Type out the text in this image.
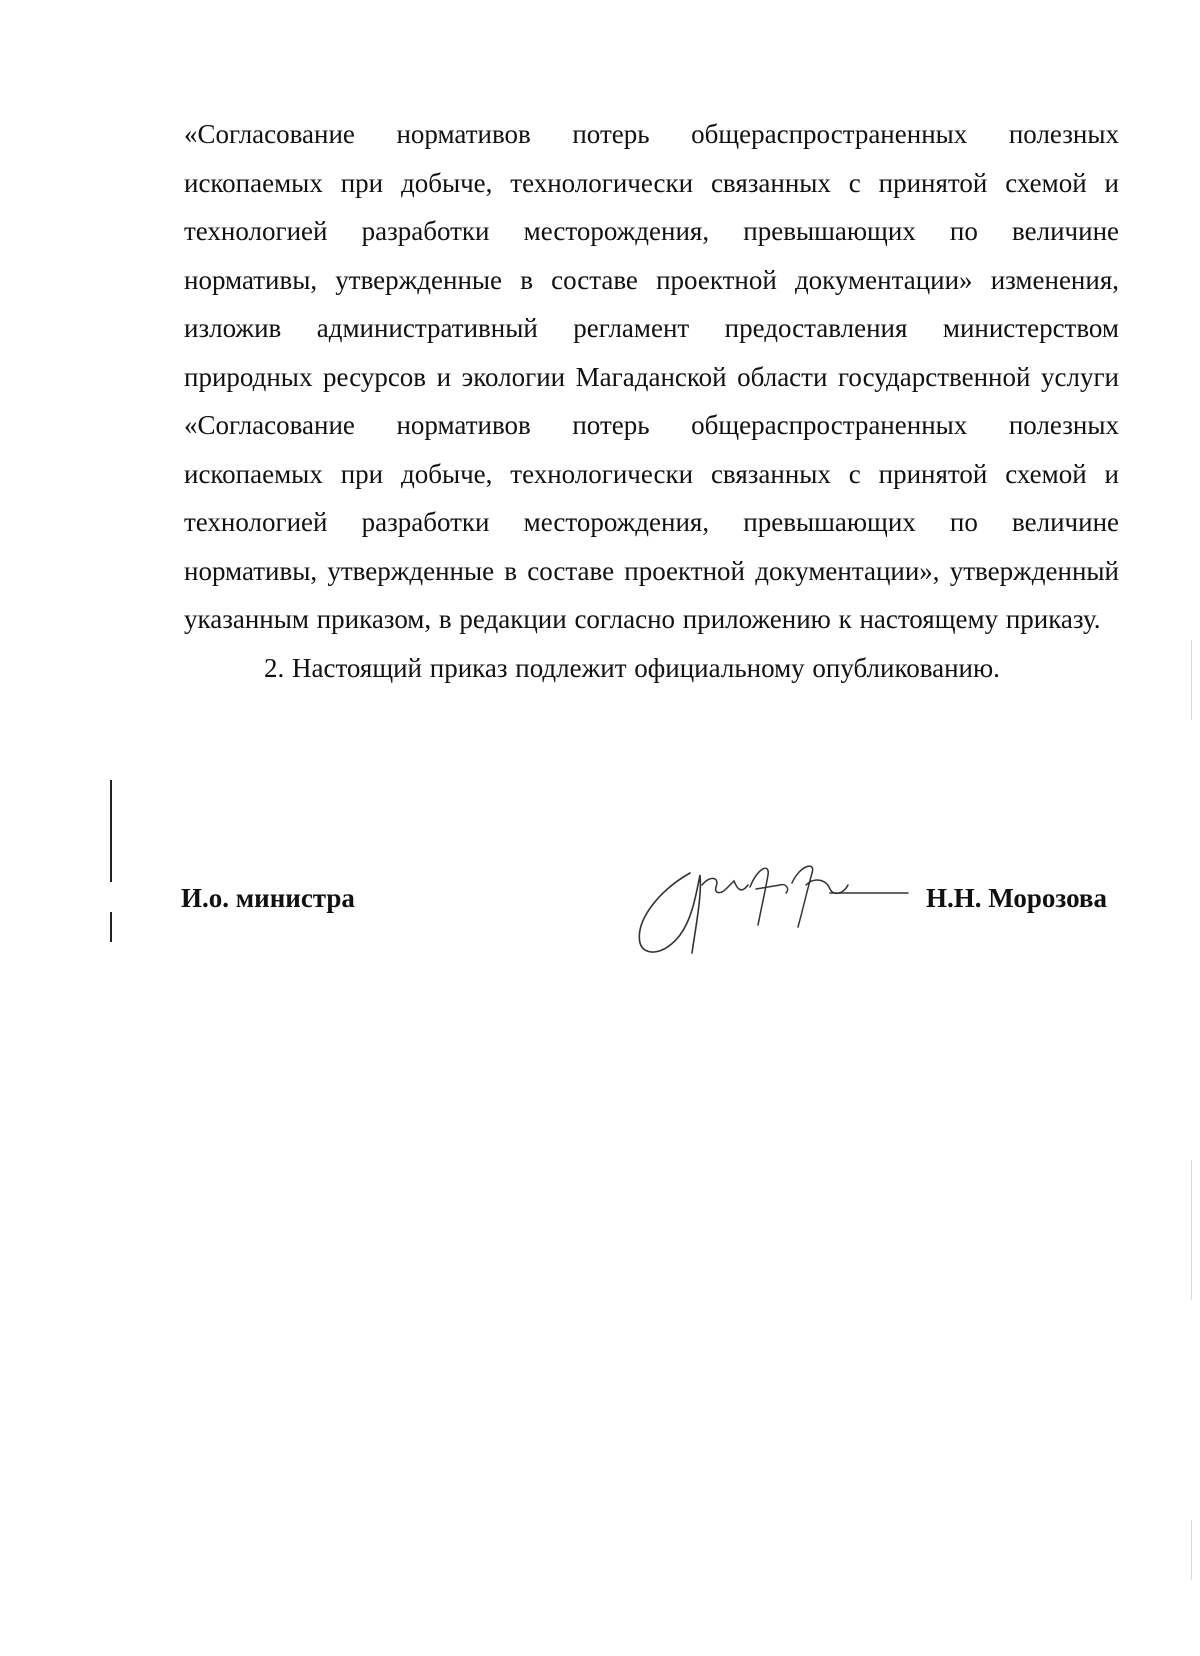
«Согласование нормативов потерь общераспространенных полезных ископаемых при добыче, технологически связанных с принятой схемой и технологией разработки месторождения, превышающих по величине нормативы, утвержденные в составе проектной документации» изменения, изложив административный регламент предоставления министерством природных ресурсов и экологии Магаданской области государственной услуги «Согласование нормативов потерь общераспространенных полезных ископаемых при добыче, технологически связанных с принятой схемой и технологией разработки месторождения, превышающих по величине нормативы, утвержденные в составе проектной документации», утвержденный указанным приказом, в редакции согласно приложению к настоящему приказу.

2. Настоящий приказ подлежит официальному опубликованию.

И.о. министра	Н.Н. Морозова
